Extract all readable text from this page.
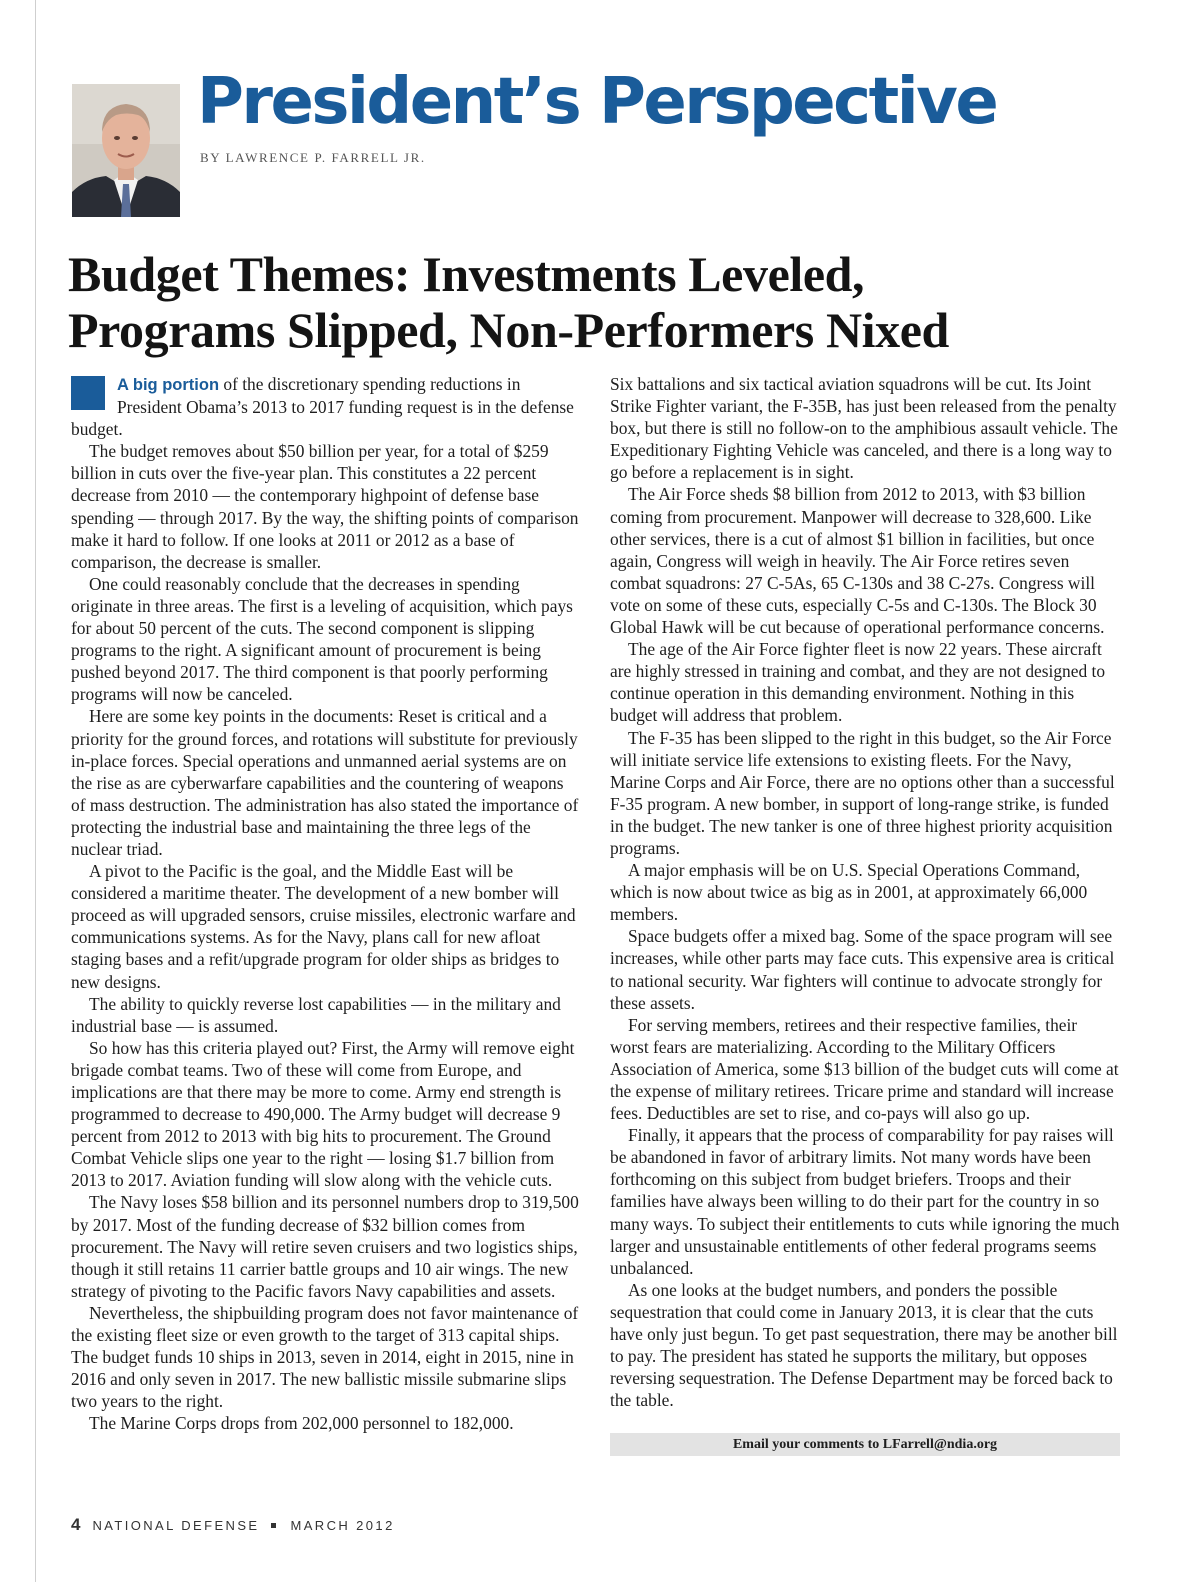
President’s Perspective
BY LAWRENCE P. FARRELL JR.
Budget Themes: Investments Leveled,
Programs Slipped, Non-Performers Nixed

A big portion of the discretionary spending reductions in President Obama’s 2013 to 2017 funding request is in the defense budget.

The budget removes about $50 billion per year, for a total of $259 billion in cuts over the five-year plan. This constitutes a 22 percent decrease from 2010 — the contemporary highpoint of defense base spending — through 2017. By the way, the shifting points of comparison make it hard to follow. If one looks at 2011 or 2012 as a base of comparison, the decrease is smaller.

One could reasonably conclude that the decreases in spending originate in three areas. The first is a leveling of acquisition, which pays for about 50 percent of the cuts. The second component is slipping programs to the right. A significant amount of procurement is being pushed beyond 2017. The third component is that poorly performing programs will now be canceled.

Here are some key points in the documents: Reset is critical and a priority for the ground forces, and rotations will substitute for previously in-place forces. Special operations and unmanned aerial systems are on the rise as are cyberwarfare capabilities and the countering of weapons of mass destruction. The administration has also stated the importance of protecting the industrial base and maintaining the three legs of the nuclear triad.

A pivot to the Pacific is the goal, and the Middle East will be considered a maritime theater. The development of a new bomber will proceed as will upgraded sensors, cruise missiles, electronic warfare and communications systems. As for the Navy, plans call for new afloat staging bases and a refit/upgrade program for older ships as bridges to new designs.

The ability to quickly reverse lost capabilities — in the military and industrial base — is assumed.

So how has this criteria played out? First, the Army will remove eight brigade combat teams. Two of these will come from Europe, and implications are that there may be more to come. Army end strength is programmed to decrease to 490,000. The Army budget will decrease 9 percent from 2012 to 2013 with big hits to procurement. The Ground Combat Vehicle slips one year to the right — losing $1.7 billion from 2013 to 2017. Aviation funding will slow along with the vehicle cuts.

The Navy loses $58 billion and its personnel numbers drop to 319,500 by 2017. Most of the funding decrease of $32 billion comes from procurement. The Navy will retire seven cruisers and two logistics ships, though it still retains 11 carrier battle groups and 10 air wings. The new strategy of pivoting to the Pacific favors Navy capabilities and assets.

Nevertheless, the shipbuilding program does not favor maintenance of the existing fleet size or even growth to the target of 313 capital ships. The budget funds 10 ships in 2013, seven in 2014, eight in 2015, nine in 2016 and only seven in 2017. The new ballistic missile submarine slips two years to the right.

The Marine Corps drops from 202,000 personnel to 182,000.

Six battalions and six tactical aviation squadrons will be cut. Its Joint Strike Fighter variant, the F-35B, has just been released from the penalty box, but there is still no follow-on to the amphibious assault vehicle. The Expeditionary Fighting Vehicle was canceled, and there is a long way to go before a replacement is in sight.

The Air Force sheds $8 billion from 2012 to 2013, with $3 billion coming from procurement. Manpower will decrease to 328,600. Like other services, there is a cut of almost $1 billion in facilities, but once again, Congress will weigh in heavily. The Air Force retires seven combat squadrons: 27 C-5As, 65 C-130s and 38 C-27s. Congress will vote on some of these cuts, especially C-5s and C-130s. The Block 30 Global Hawk will be cut because of operational performance concerns.

The age of the Air Force fighter fleet is now 22 years. These aircraft are highly stressed in training and combat, and they are not designed to continue operation in this demanding environment. Nothing in this budget will address that problem.

The F-35 has been slipped to the right in this budget, so the Air Force will initiate service life extensions to existing fleets. For the Navy, Marine Corps and Air Force, there are no options other than a successful F-35 program. A new bomber, in support of long-range strike, is funded in the budget. The new tanker is one of three highest priority acquisition programs.

A major emphasis will be on U.S. Special Operations Command, which is now about twice as big as in 2001, at approximately 66,000 members.

Space budgets offer a mixed bag. Some of the space program will see increases, while other parts may face cuts. This expensive area is critical to national security. War fighters will continue to advocate strongly for these assets.

For serving members, retirees and their respective families, their worst fears are materializing. According to the Military Officers Association of America, some $13 billion of the budget cuts will come at the expense of military retirees. Tricare prime and standard will increase fees. Deductibles are set to rise, and co-pays will also go up.

Finally, it appears that the process of comparability for pay raises will be abandoned in favor of arbitrary limits. Not many words have been forthcoming on this subject from budget briefers. Troops and their families have always been willing to do their part for the country in so many ways. To subject their entitlements to cuts while ignoring the much larger and unsustainable entitlements of other federal programs seems unbalanced.

As one looks at the budget numbers, and ponders the possible sequestration that could come in January 2013, it is clear that the cuts have only just begun. To get past sequestration, there may be another bill to pay. The president has stated he supports the military, but opposes reversing sequestration. The Defense Department may be forced back to the table.

Email your comments to LFarrell@ndia.org
4 NATIONAL DEFENSE MARCH 2012
